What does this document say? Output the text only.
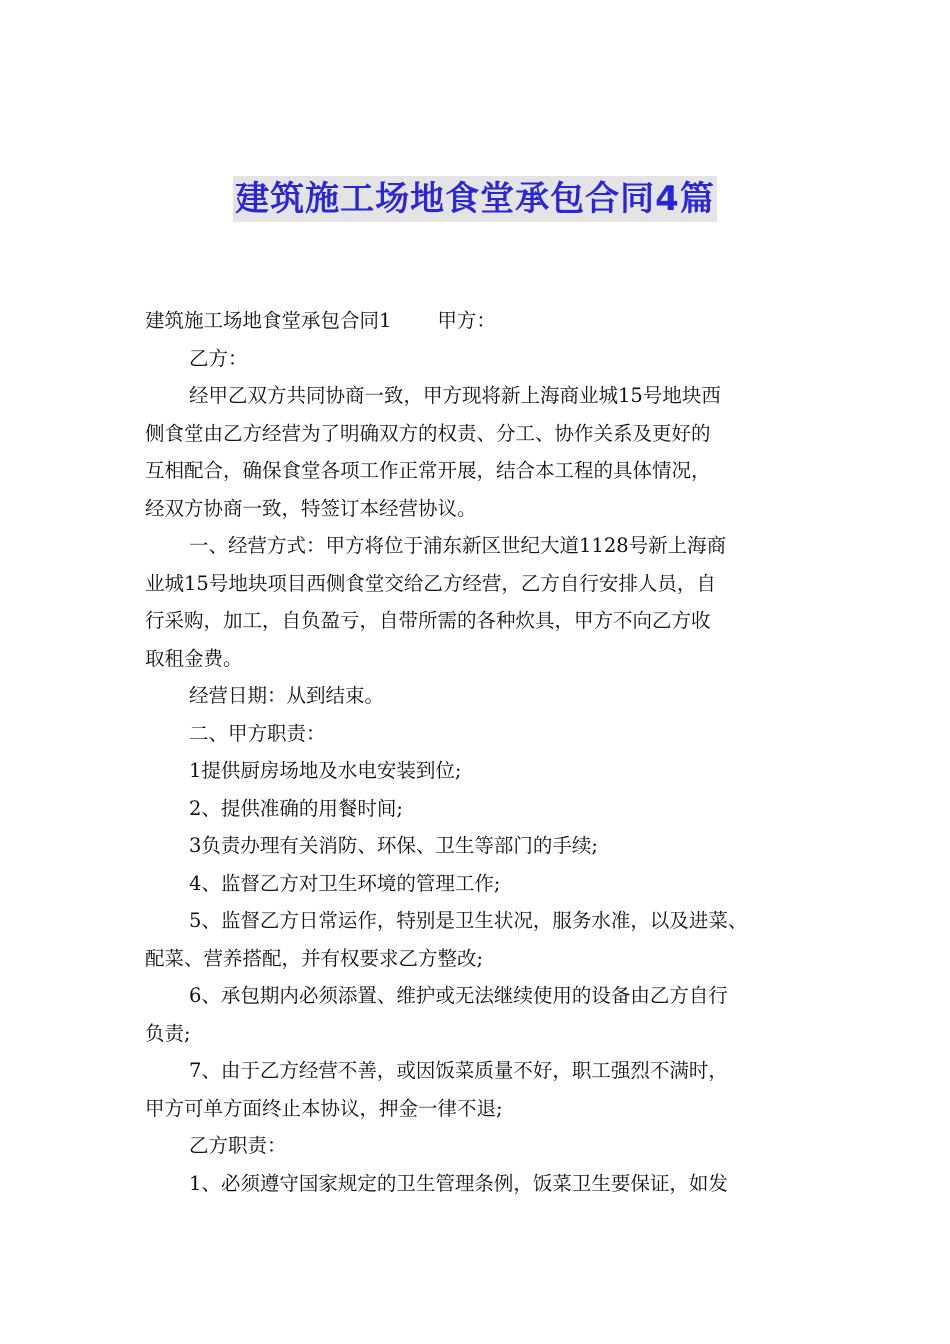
建筑施工场地食堂承包合同4篇

建筑施工场地食堂承包合同1 甲方：

乙方：

经甲乙双方共同协商一致，甲方现将新上海商业城15号地块西

侧食堂由乙方经营为了明确双方的权责、分工、协作关系及更好的

互相配合，确保食堂各项工作正常开展，结合本工程的具体情况，

经双方协商一致，特签订本经营协议。

一、经营方式：甲方将位于浦东新区世纪大道1128号新上海商

业城15号地块项目西侧食堂交给乙方经营，乙方自行安排人员，自

行采购，加工，自负盈亏，自带所需的各种炊具，甲方不向乙方收

取租金费。

经营日期：从到结束。

二、甲方职责：

1提供厨房场地及水电安装到位;

2、提供准确的用餐时间;

3负责办理有关消防、环保、卫生等部门的手续;

4、监督乙方对卫生环境的管理工作;

5、监督乙方日常运作，特别是卫生状况，服务水准，以及进菜、

配菜、营养搭配，并有权要求乙方整改;

6、承包期内必须添置、维护或无法继续使用的设备由乙方自行

负责;

7、由于乙方经营不善，或因饭菜质量不好，职工强烈不满时，

甲方可单方面终止本协议，押金一律不退;

乙方职责：

1、必须遵守国家规定的卫生管理条例，饭菜卫生要保证，如发
